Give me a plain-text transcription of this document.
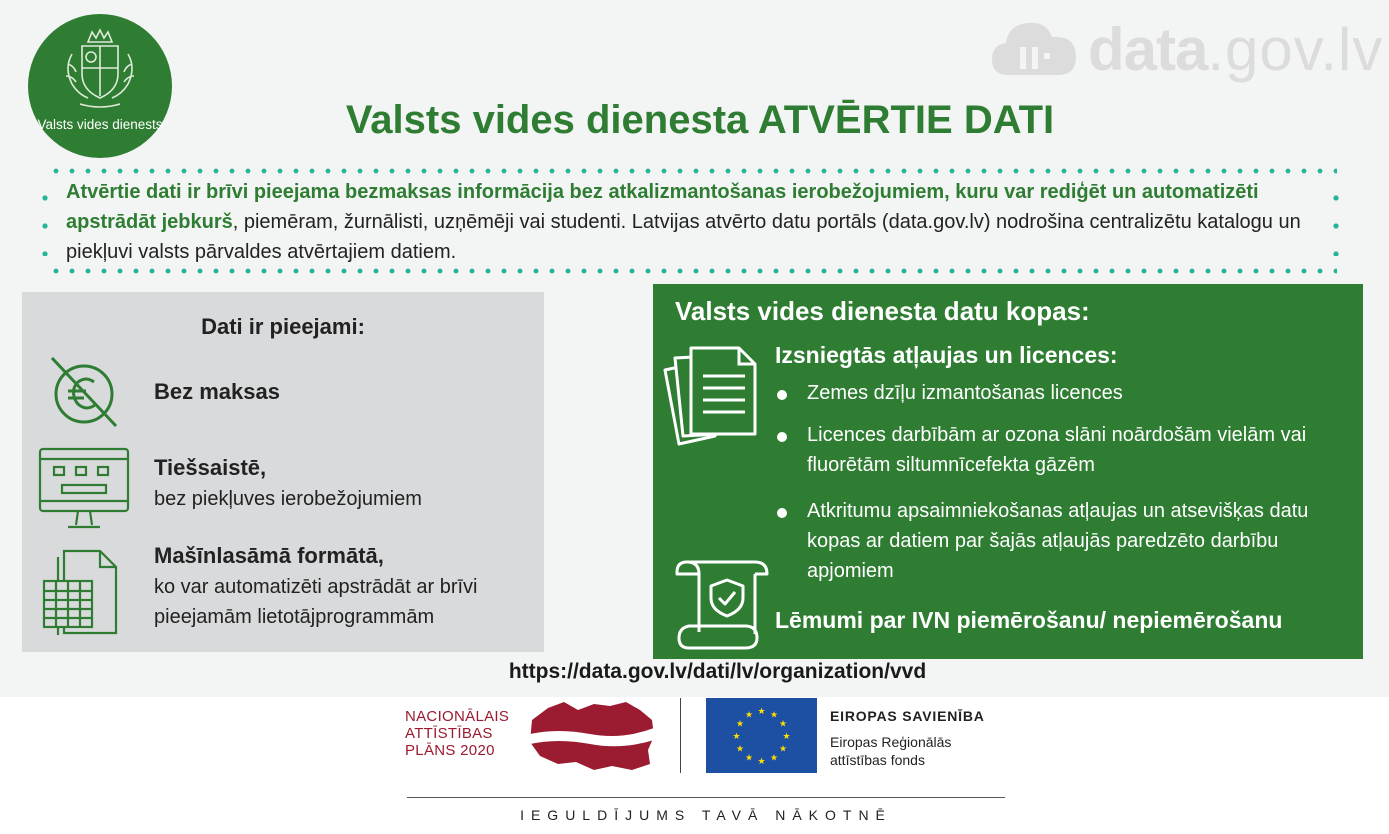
Valsts vides dienests
data .gov.lv
Valsts vides dienesta ATVĒRTIE DATI
Atvērtie dati ir brīvi pieejama bezmaksas informācija bez atkalizmantošanas ierobežojumiem, kuru var rediģēt un automatizēti apstrādāt jebkurš, piemēram, žurnālisti, uzņēmēji vai studenti. Latvijas atvērto datu portāls (data.gov.lv) nodrošina centralizētu katalogu un piekļuvi valsts pārvaldes atvērtajiem datiem.
Dati ir pieejami:
Bez maksas
Tiešsaistē,
bez piekļuves ierobežojumiem
Mašīnlasāmā formātā,
ko var automatizēti apstrādāt ar brīvi pieejamām lietotājprogrammām
Valsts vides dienesta datu kopas:
Izsniegtās atļaujas un licences:
Zemes dzīļu izmantošanas licences
Licences darbībām ar ozona slāni noārdošām vielām vai fluorētām siltumnīcefekta gāzēm
Atkritumu apsaimniekošanas atļaujas un atsevišķas datu kopas ar datiem par šajās atļaujās paredzēto darbību apjomiem
Lēmumi par IVN piemērošanu/ nepiemērošanu
https://data.gov.lv/dati/lv/organization/vvd
NACIONĀLAIS
ATTĪSTĪBAS
PLĀNS 2020
★ ★
★
★
★
★
★
★
★
★
★
★	EIROPAS SAVIENĪBA
Eiropas Reģionālās
attīstības fonds
IEGULDĪJUMS TAVĀ NĀKOTNĒ
